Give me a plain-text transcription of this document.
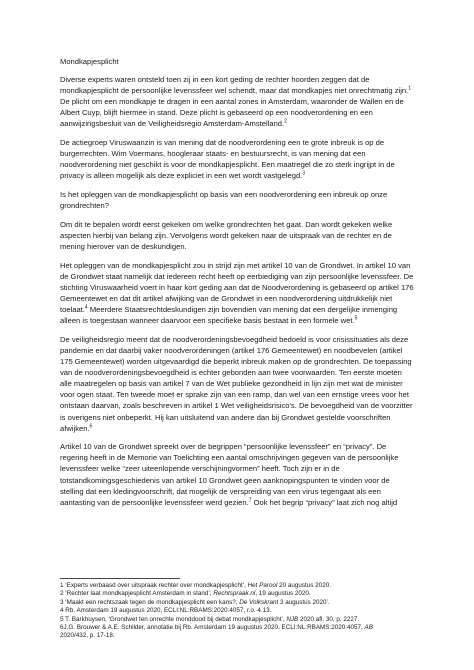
Mondkapjesplicht

Diverse experts waren ontsteld toen zij in een kort geding de rechter hoorden zeggen dat de mondkapjesplicht de persoonlijke levenssfeer wel schendt, maar dat mondkapjes niet onrechtmatig zijn.$^1$ De plicht om een mondkapje te dragen in een aantal zones in Amsterdam, waaronder de Wallen en de Albert Cuyp, blijft hiermee in stand. Deze plicht is gebaseerd op een noodverordening en een aanwijzingsbesluit van de Veiligheidsregio Amsterdam-Amstelland.$^2$

De actiegroep Viruswaanzin is van mening dat de noodverordening een te grote inbreuk is op de burgerrechten. Wim Voermans, hoogleraar staats- en bestuursrecht, is van mening dat een noodverordening niet geschikt is voor de mondkapjesplicht. Een maatregel die zo sterk ingrijpt in de privacy is alleen mogelijk als deze expliciet in een wet wordt vastgelegd.$^3$

Is het opleggen van de mondkapjesplicht op basis van een noodverordening een inbreuk op onze grondrechten?

Om dit te bepalen wordt eerst gekeken om welke grondrechten het gaat. Dan wordt gekeken welke aspecten hierbij van belang zijn. Vervolgens wordt gekeken naar de uitspraak van de rechter en de mening hierover van de deskundigen.

Het opleggen van de mondkapjesplicht zou in strijd zijn met artikel 10 van de Grondwet. In artikel 10 van de Grondwet staat namelijk dat iedereen recht heeft op eerbiediging van zijn persoonlijke levenssfeer. De stichting Viruswaarheid voert in haar kort geding aan dat de Noodverordening is gebaseerd op artikel 176 Gemeentewet en dat dit artikel afwijking van de Grondwet in een noodverordening uitdrukkelijk niet toelaat.$^4$ Meerdere Staatsrechtdeskundigen zijn bovendien van mening dat een dergelijke inmenging alleen is toegestaan wanneer daarvoor een specifieke basis bestaat in een formele wet.$^5$

De veiligheidsregio meent dat de noodverordeningsbevoegdheid bedoeld is voor crisissituaties als deze pandemie en dat daarbij vaker noodverordeningen (artikel 176 Gemeentewet) en noodbevelen (artikel 175 Gemeentewet) worden uitgevaardigd die beperkt inbreuk maken op de grondrechten. De toepassing van de noodverordeningsbevoegdheid is echter gebonden aan twee voorwaarden. Ten eerste moeten alle maatregelen op basis van artikel 7 van de Wet publieke gezondheid in lijn zijn met wat de minister voor ogen staat. Ten tweede moet er sprake zijn van een ramp, dan wel van een ernstige vrees voor het ontstaan daarvan, zoals beschreven in artikel 1 Wet veiligheidsrisico's. De bevoegdheid van de voorzitter is overigens niet onbeperkt. Hij kan uitsluitend van andere dan bij Grondwet gestelde voorschriften afwijken.$^6$

Artikel 10 van de Grondwet spreekt over de begrippen “persoonlijke levenssfeer” en “privacy”. De regering heeft in de Memorie van Toelichting een aantal omschrijvingen gegeven van de persoonlijke levenssfeer welke “zeer uiteenlopende verschijningvormen” heeft. Toch zijn er in de totstandkomingsgeschiedenis van artikel 10 Grondwet geen aanknopingspunten te vinden voor de stelling dat een kledingvoorschrift, dat mogelijk de verspreiding van een virus tegengaat als een aantasting van de persoonlijke levenssfeer werd gezien.$^7$ Ook het begrip “privacy” laat zich nog altijd

1 ‘Experts verbaasd over uitspraak rechter over mondkapjesplicht’, Het Parool 20 augustus 2020.

2 ‘Rechter laat mondkapjesplicht Amsterdam in stand’, Rechtspraak.nl, 19 augustus 2020.

3 ‘Maakt een rechtszaak tegen de mondkapjesplicht een kans?, De Volkskrant 3 augustus 2020’.

4 Rb. Amsterdam 19 augustus 2020, ECLI:NL:RBAMS:2020:4057, r.o. 4.13.

5 T. Barkhuysen, ‘Grondwet ten onrechte monddood bij debat mondkapjesplicht’, NJB 2020 afl. 30, p. 2227.

6J.G. Brouwer & A.E. Schilder, annotatie bij Rb. Amsterdam 19 augustus 2020, ECLI:NL:RBAMS:2020:4057, AB

2020/432, p. 17-18.
